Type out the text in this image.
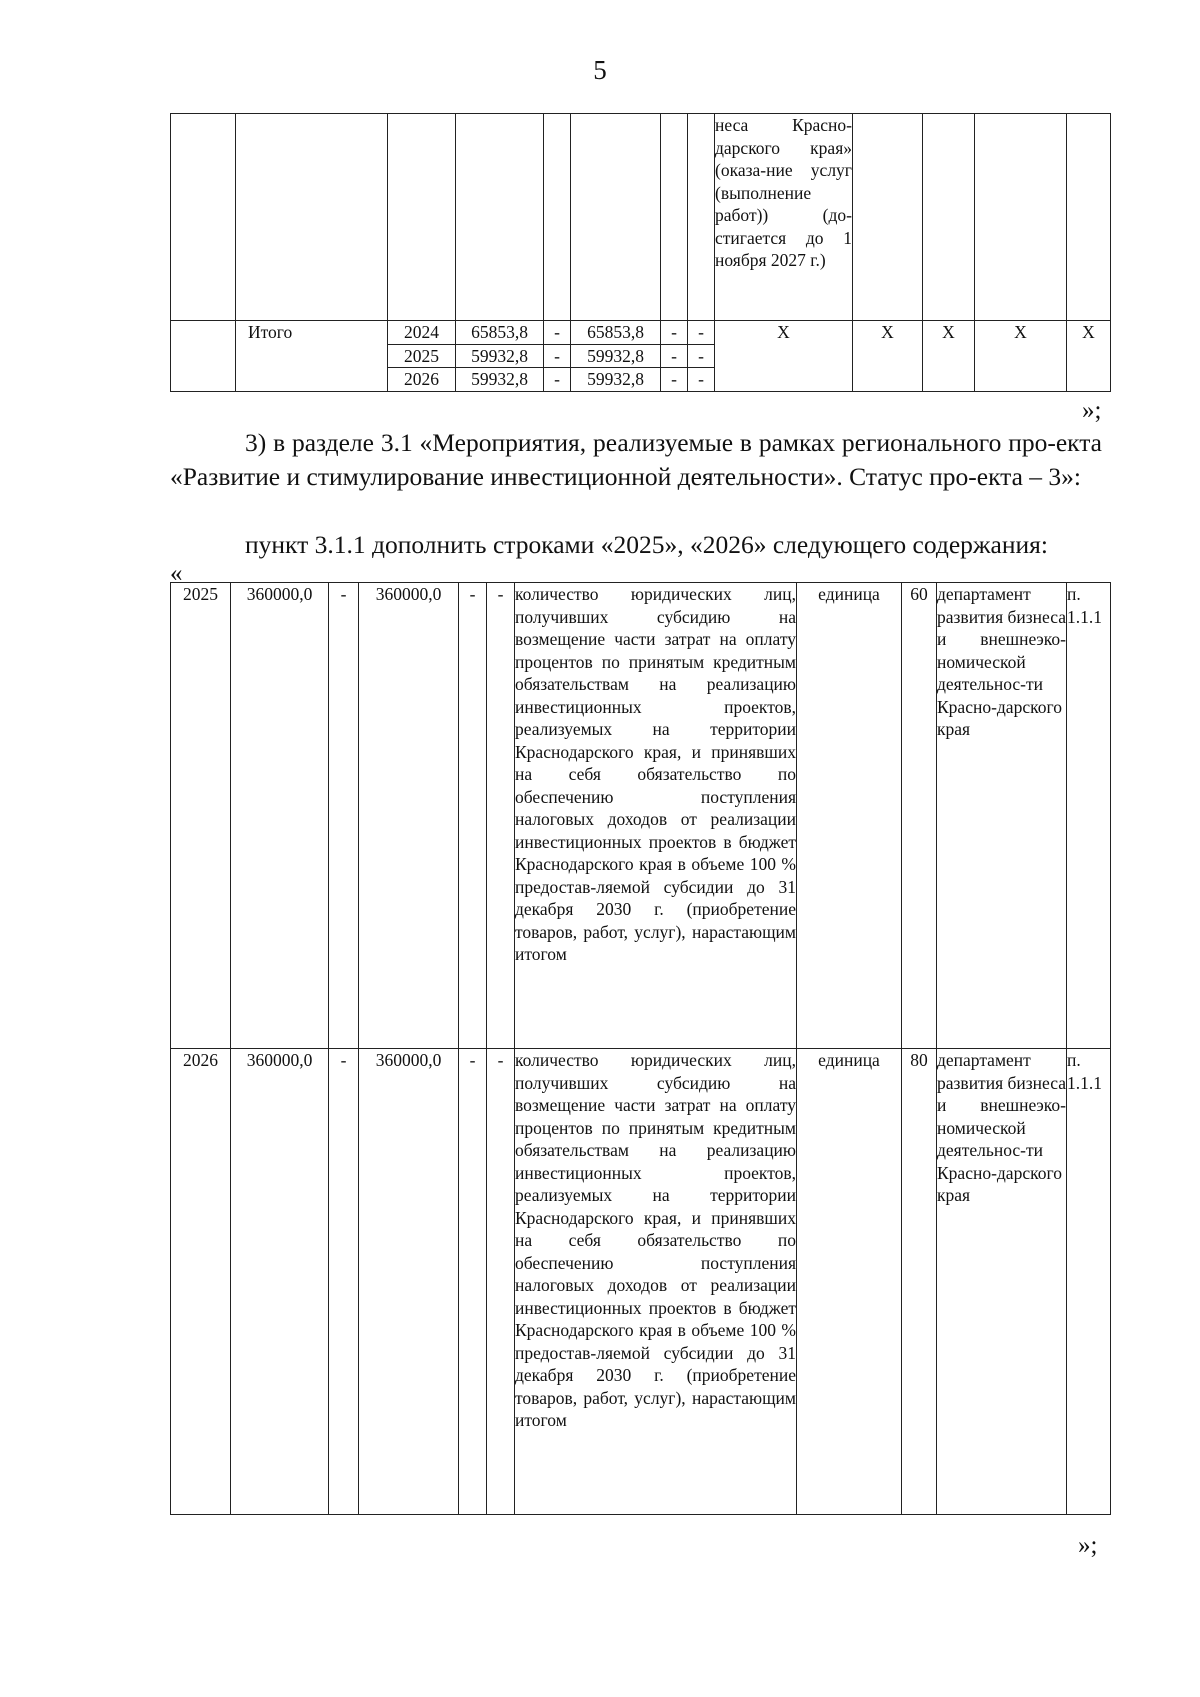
5
								неса Красно-дарского края» (оказа-ние услуг (выполнение работ)) (до-стигается до 1 ноября 2027 г.)				
	Итого	2024	65853,8	-	65853,8	-	-	Х	Х	Х	Х	Х
		2025	59932,8	-	59932,8	-	-					
		2026	59932,8	-	59932,8	-	-					
»;
3) в разделе 3.1 «Мероприятия, реализуемые в рамках регионального про-екта «Развитие и стимулирование инвестиционной деятельности». Статус про-екта – 3»:
пункт 3.1.1 дополнить строками «2025», «2026» следующего содержания:
«
2025	360000,0	-	360000,0	-	-	количество юридических лиц, получивших субсидию на возмещение части затрат на оплату процентов по принятым кредитным обязательствам на реализацию инвестиционных проектов, реализуемых на территории Краснодарского края, и принявших на себя обязательство по обеспечению поступления налоговых доходов от реализации инвестиционных проектов в бюджет Краснодарского края в объеме 100 % предостав-ляемой субсидии до 31 декабря 2030 г. (приобретение товаров, работ, услуг), нарастающим итогом	единица	60	департамент развития бизнеса и внешнеэко-номической деятельнос-ти Красно-дарского края	п. 1.1.1
2026	360000,0	-	360000,0	-	-	количество юридических лиц, получивших субсидию на возмещение части затрат на оплату процентов по принятым кредитным обязательствам на реализацию инвестиционных проектов, реализуемых на территории Краснодарского края, и принявших на себя обязательство по обеспечению поступления налоговых доходов от реализации инвестиционных проектов в бюджет Краснодарского края в объеме 100 % предостав-ляемой субсидии до 31 декабря 2030 г. (приобретение товаров, работ, услуг), нарастающим итогом	единица	80	департамент развития бизнеса и внешнеэко-номической деятельнос-ти Красно-дарского края	п. 1.1.1
»;
